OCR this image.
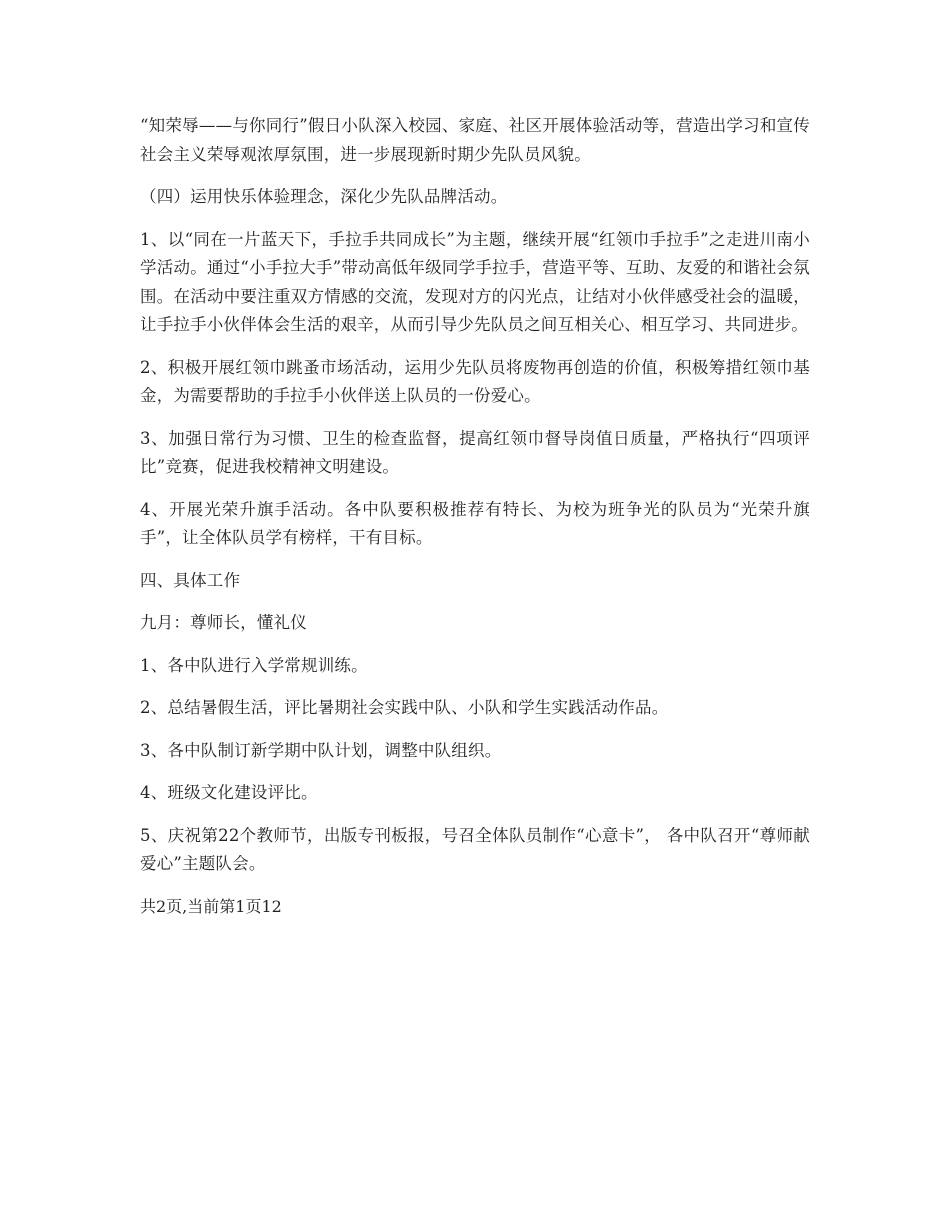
“知荣辱——与你同行”假日小队深入校园、家庭、社区开展体验活动等，营造出学习和宣传社会主义荣辱观浓厚氛围，进一步展现新时期少先队员风貌。

（四）运用快乐体验理念，深化少先队品牌活动。

1、以“同在一片蓝天下，手拉手共同成长”为主题，继续开展“红领巾手拉手”之走进川南小学活动。通过“小手拉大手”带动高低年级同学手拉手，营造平等、互助、友爱的和谐社会氛围。在活动中要注重双方情感的交流，发现对方的闪光点，让结对小伙伴感受社会的温暖，让手拉手小伙伴体会生活的艰辛，从而引导少先队员之间互相关心、相互学习、共同进步。

2、积极开展红领巾跳蚤市场活动，运用少先队员将废物再创造的价值，积极筹措红领巾基金，为需要帮助的手拉手小伙伴送上队员的一份爱心。

3、加强日常行为习惯、卫生的检查监督，提高红领巾督导岗值日质量，严格执行“四项评比”竞赛，促进我校精神文明建设。

4、开展光荣升旗手活动。各中队要积极推荐有特长、为校为班争光的队员为“光荣升旗手”，让全体队员学有榜样，干有目标。

四、具体工作

九月：尊师长，懂礼仪

1、各中队进行入学常规训练。

2、总结暑假生活，评比暑期社会实践中队、小队和学生实践活动作品。

3、各中队制订新学期中队计划，调整中队组织。

4、班级文化建设评比。

5、庆祝第22个教师节，出版专刊板报，号召全体队员制作“心意卡”， 各中队召开“尊师献爱心”主题队会。

共2页,当前第1页12
